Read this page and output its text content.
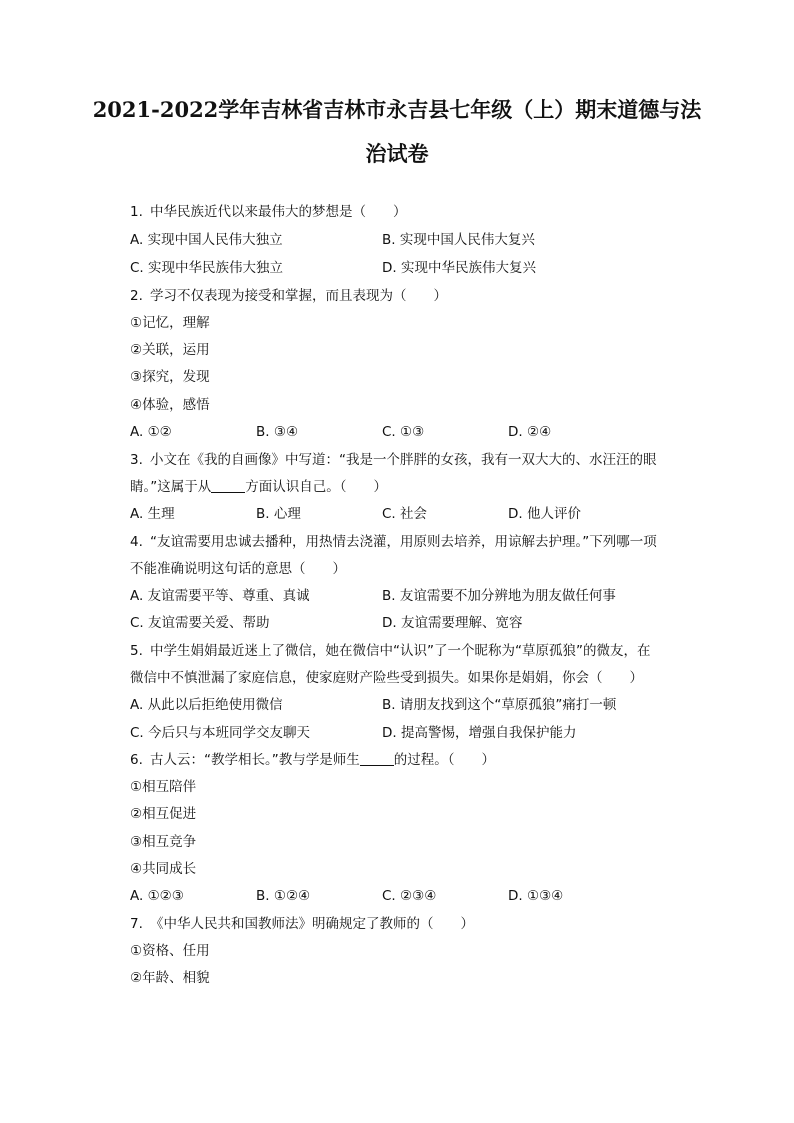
2021-2022学年吉林省吉林市永吉县七年级（上）期末道德与法
治试卷
1. 中华民族近代以来最伟大的梦想是（　　）
A. 实现中国人民伟大独立	B. 实现中国人民伟大复兴
C. 实现中华民族伟大独立	D. 实现中华民族伟大复兴
2. 学习不仅表现为接受和掌握，而且表现为（　　）
①记忆，理解
②关联，运用
③探究，发现
④体验，感悟
A. ①②	B. ③④	C. ①③	D. ②④
3. 小文在《我的自画像》中写道：“我是一个胖胖的女孩，我有一双大大的、水汪汪的眼
睛。”这属于从	方面认识自己。（　　）
A. 生理	B. 心理	C. 社会	D. 他人评价
4. “友谊需要用忠诚去播种，用热情去浇灌，用原则去培养，用谅解去护理。”下列哪一项
不能准确说明这句话的意思（　　）
A. 友谊需要平等、尊重、真诚	B. 友谊需要不加分辨地为朋友做任何事
C. 友谊需要关爱、帮助	D. 友谊需要理解、宽容
5. 中学生娟娟最近迷上了微信，她在微信中“认识”了一个昵称为“草原孤狼”的微友，在
微信中不慎泄漏了家庭信息，使家庭财产险些受到损失。如果你是娟娟，你会（　　）
A. 从此以后拒绝使用微信	B. 请朋友找到这个“草原孤狼”痛打一顿
C. 今后只与本班同学交友聊天	D. 提高警惕，增强自我保护能力
6. 古人云：“教学相长。”教与学是师生	的过程。（　　）
①相互陪伴
②相互促进
③相互竞争
④共同成长
A. ①②③	B. ①②④	C. ②③④	D. ①③④
7. 《中华人民共和国教师法》明确规定了教师的（　　）
①资格、任用
②年龄、相貌
